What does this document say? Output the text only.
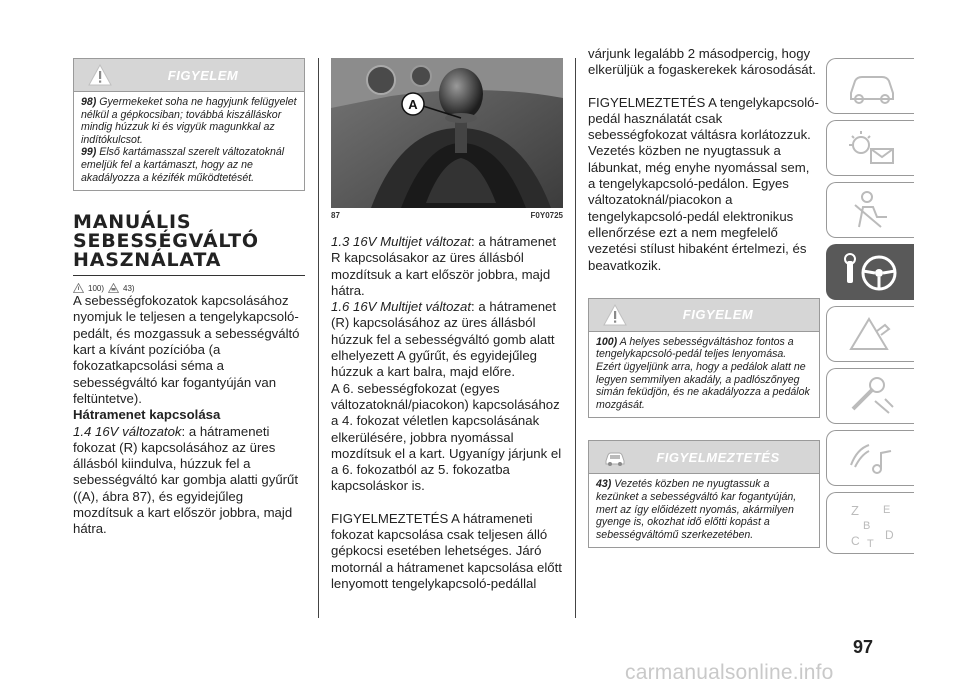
FIGYELEM

98) Gyermekeket soha ne hagyjunk felügyelet nélkül a gépkocsiban; továbbá kiszálláskor mindig húzzuk ki és vigyük magunkkal az indítókulcsot.

99) Első kartámasszal szerelt változatoknál emeljük fel a kartámaszt, hogy az ne akadályozza a kézifék működtetését.

MANUÁLIS
SEBESSÉGVÁLTÓ
HASZNÁLATA
100) 43)

A sebességfokozatok kapcsolásához nyomjuk le teljesen a tengelykapcsoló-pedált, és mozgassuk a sebességváltó kart a kívánt pozícióba (a fokozatkapcsolási séma a sebességváltó kar fogantyúján van feltüntetve).

Hátramenet kapcsolása

1.4 16V változatok: a hátrameneti fokozat (R) kapcsolásához az üres állásból kiindulva, húzzuk fel a sebességváltó kar gombja alatti gyűrűt ((A), ábra 87), és egyidejűleg mozdítsuk a kart először jobbra, majd hátra.

A
87	F0Y0725

1.3 16V Multijet változat: a hátramenet R kapcsolásakor az üres állásból mozdítsuk a kart először jobbra, majd hátra.

1.6 16V Multijet változat: a hátramenet (R) kapcsolásához az üres állásból húzzuk fel a sebességváltó gomb alatt elhelyezett A gyűrűt, és egyidejűleg húzzuk a kart balra, majd előre.

A 6. sebességfokozat (egyes változatoknál/piacokon) kapcsolásához a 4. fokozat véletlen kapcsolásának elkerülésére, jobbra nyomással mozdítsuk el a kart. Ugyanígy járjunk el a 6. fokozatból az 5. fokozatba kapcsoláskor is.

FIGYELMEZTETÉS A hátrameneti fokozat kapcsolása csak teljesen álló gépkocsi esetében lehetséges. Járó motornál a hátramenet kapcsolása előtt lenyomott tengelykapcsoló-pedállal

várjunk legalább 2 másodpercig, hogy elkerüljük a fogaskerekek károsodását.

FIGYELMEZTETÉS A tengelykapcsoló-pedál használatát csak sebességfokozat váltásra korlátozzuk. Vezetés közben ne nyugtassuk a lábunkat, még enyhe nyomással sem, a tengelykapcsoló-pedálon. Egyes változatoknál/piacokon a tengelykapcsoló-pedál elektronikus ellenőrzése ezt a nem megfelelő vezetési stílust hibaként értelmezi, és beavatkozik.

FIGYELEM

100) A helyes sebességváltáshoz fontos a tengelykapcsoló-pedál teljes lenyomása. Ezért ügyeljünk arra, hogy a pedálok alatt ne legyen semmilyen akadály, a padlószőnyeg simán feküdjön, és ne akadályozza a pedálok mozgását.

FIGYELMEZTETÉS

43) Vezetés közben ne nyugtassuk a kezünket a sebességváltó kar fogantyúján, mert az így előidézett nyomás, akármilyen gyenge is, okozhat idő előtti kopást a sebességváltómű szerkezetében.

Z E
B
C T
D
97
carmanualsonline.info
